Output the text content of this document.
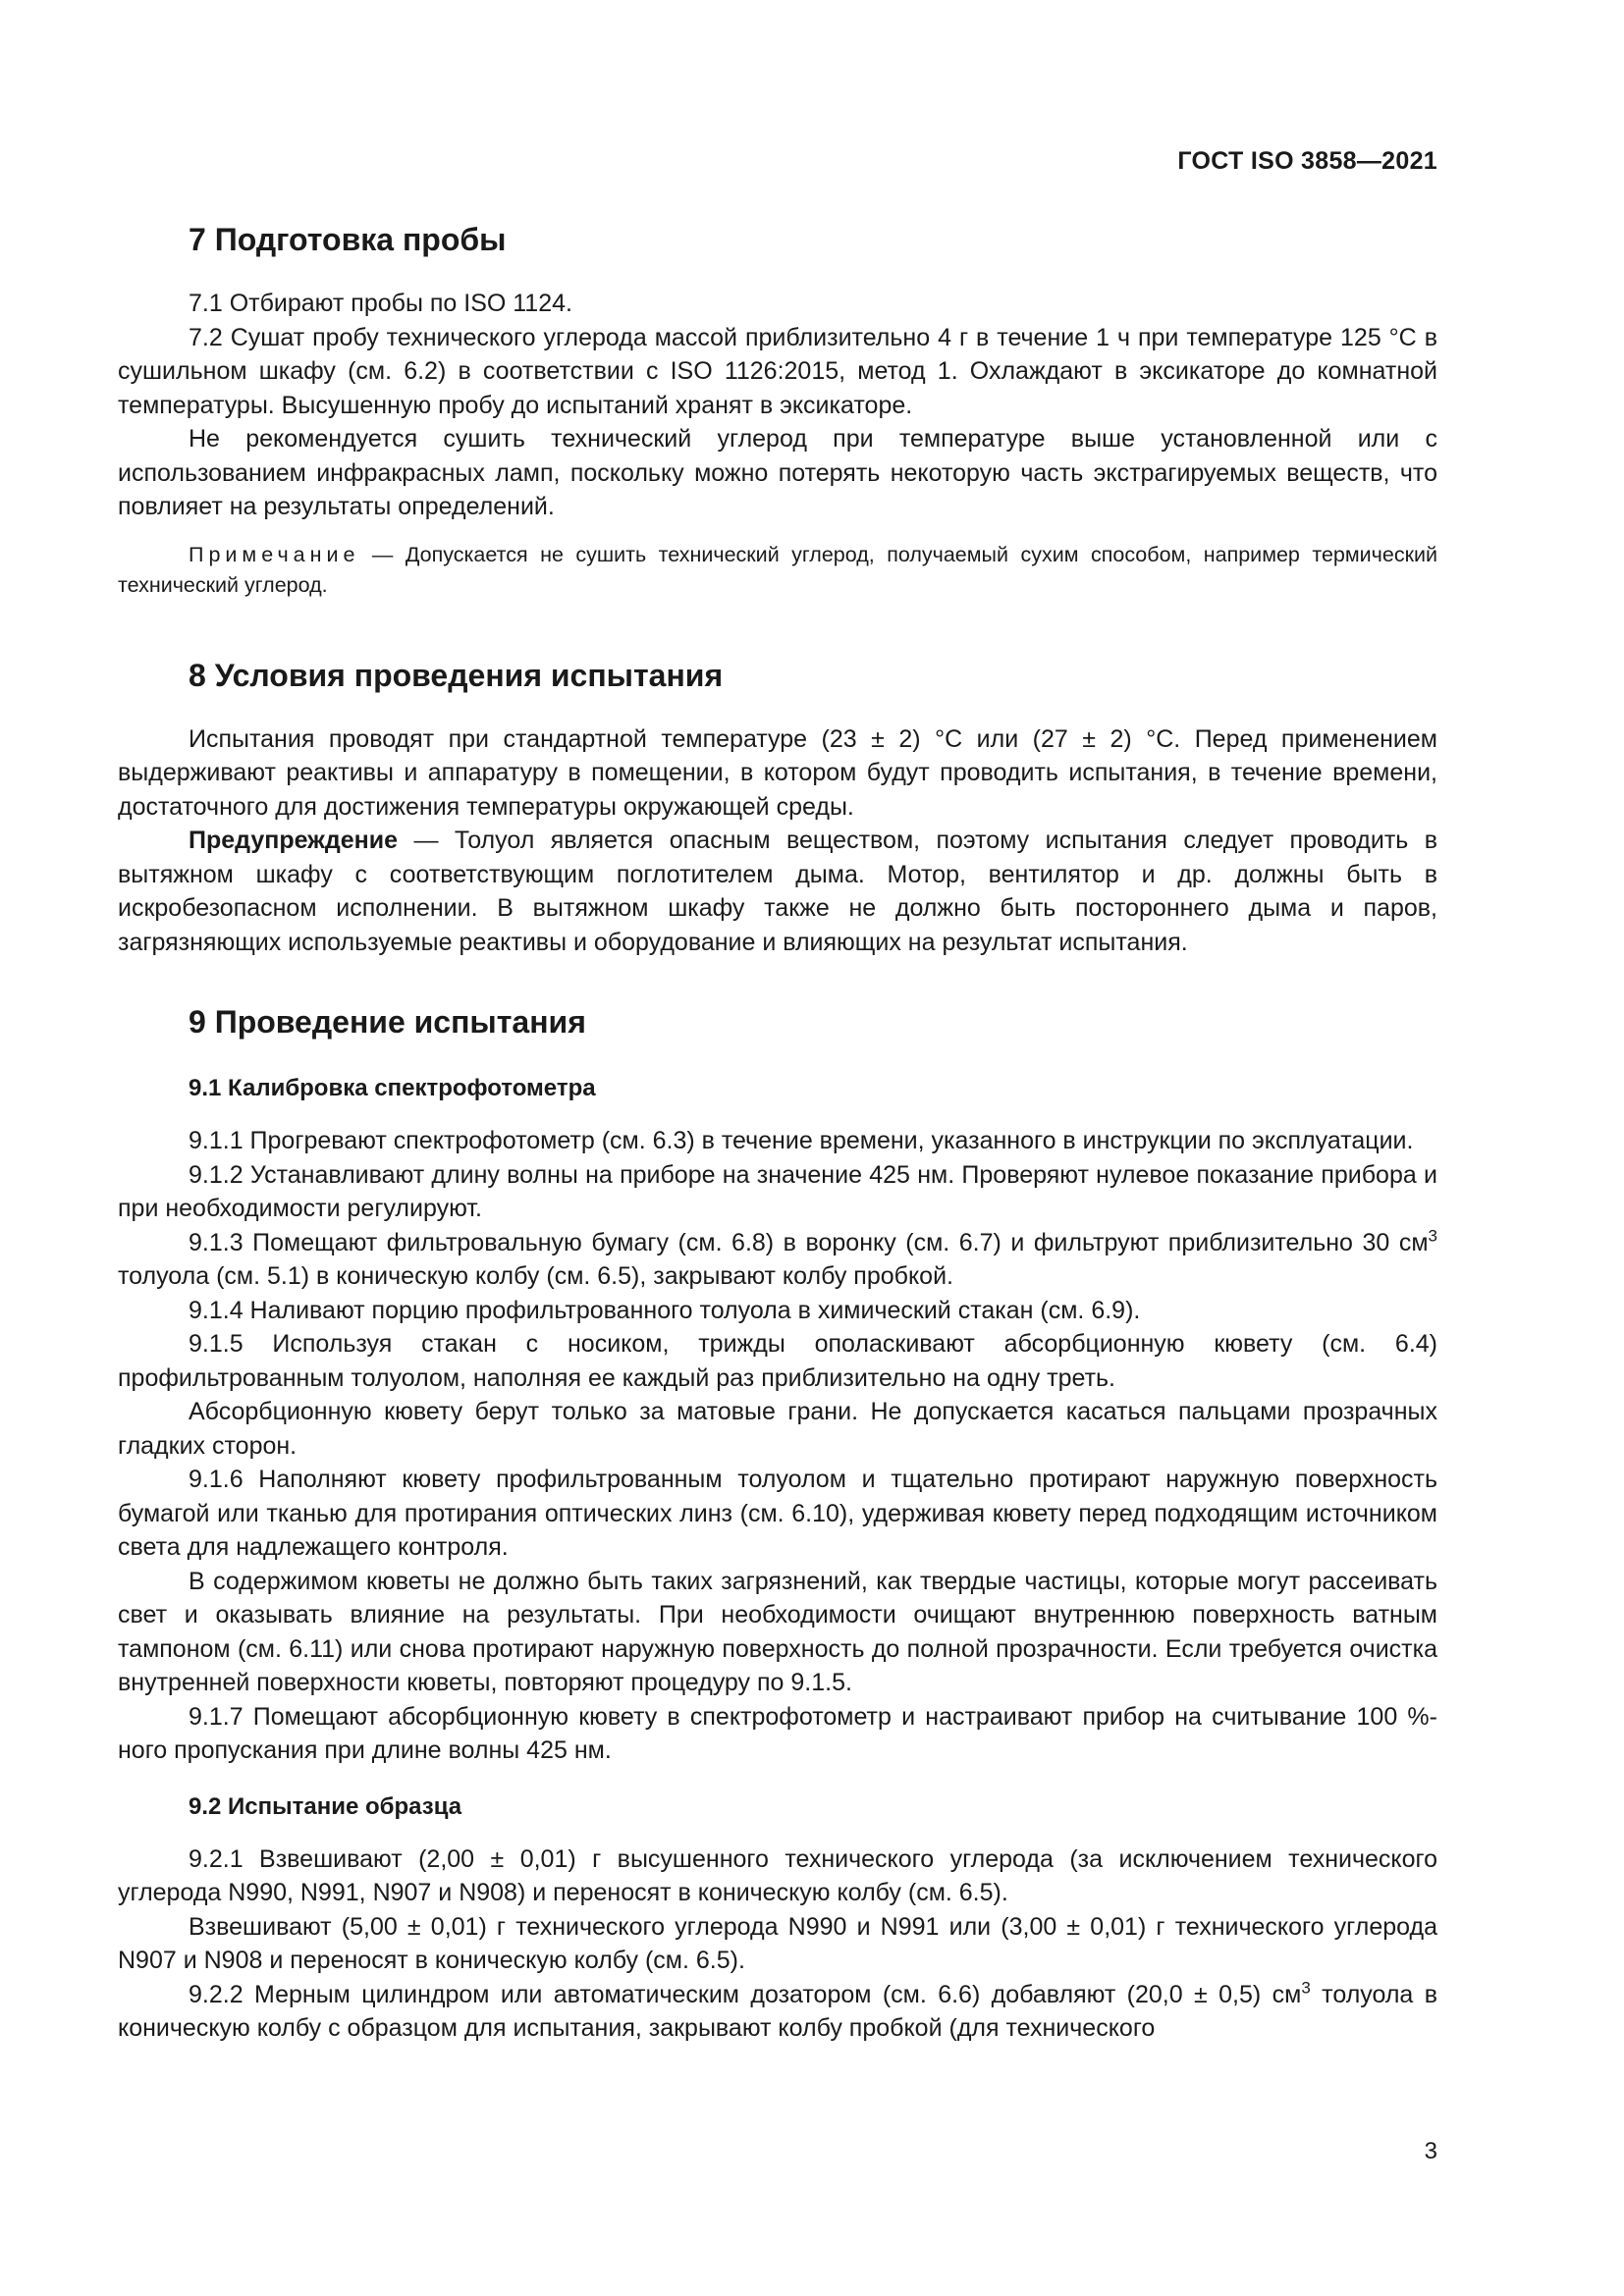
ГОСТ ISO 3858—2021
7 Подготовка пробы

7.1 Отбирают пробы по ISO 1124.

7.2 Сушат пробу технического углерода массой приблизительно 4 г в течение 1 ч при температуре 125 °С в сушильном шкафу (см. 6.2) в соответствии с ISO 1126:2015, метод 1. Охлаждают в эксикаторе до комнатной температуры. Высушенную пробу до испытаний хранят в эксикаторе.

Не рекомендуется сушить технический углерод при температуре выше установленной или с использованием инфракрасных ламп, поскольку можно потерять некоторую часть экстрагируемых веществ, что повлияет на результаты определений.

Примечание — Допускается не сушить технический углерод, получаемый сухим способом, например термический технический углерод.

8 Условия проведения испытания

Испытания проводят при стандартной температуре (23 ± 2) °С или (27 ± 2) °С. Перед применением выдерживают реактивы и аппаратуру в помещении, в котором будут проводить испытания, в течение времени, достаточного для достижения температуры окружающей среды.

Предупреждение — Толуол является опасным веществом, поэтому испытания следует проводить в вытяжном шкафу с соответствующим поглотителем дыма. Мотор, вентилятор и др. должны быть в искробезопасном исполнении. В вытяжном шкафу также не должно быть постороннего дыма и паров, загрязняющих используемые реактивы и оборудование и влияющих на результат испытания.

9 Проведение испытания
9.1 Калибровка спектрофотометра

9.1.1 Прогревают спектрофотометр (см. 6.3) в течение времени, указанного в инструкции по эксплуатации.

9.1.2 Устанавливают длину волны на приборе на значение 425 нм. Проверяют нулевое показание прибора и при необходимости регулируют.

9.1.3 Помещают фильтровальную бумагу (см. 6.8) в воронку (см. 6.7) и фильтруют приблизительно 30 $см^3$ толуола (см. 5.1) в коническую колбу (см. 6.5), закрывают колбу пробкой.

9.1.4 Наливают порцию профильтрованного толуола в химический стакан (см. 6.9).

9.1.5 Используя стакан с носиком, трижды ополаскивают абсорбционную кювету (см. 6.4) профильтрованным толуолом, наполняя ее каждый раз приблизительно на одну треть.

Абсорбционную кювету берут только за матовые грани. Не допускается касаться пальцами прозрачных гладких сторон.

9.1.6 Наполняют кювету профильтрованным толуолом и тщательно протирают наружную поверхность бумагой или тканью для протирания оптических линз (см. 6.10), удерживая кювету перед подходящим источником света для надлежащего контроля.

В содержимом кюветы не должно быть таких загрязнений, как твердые частицы, которые могут рассеивать свет и оказывать влияние на результаты. При необходимости очищают внутреннюю поверхность ватным тампоном (см. 6.11) или снова протирают наружную поверхность до полной прозрачности. Если требуется очистка внутренней поверхности кюветы, повторяют процедуру по 9.1.5.

9.1.7 Помещают абсорбционную кювету в спектрофотометр и настраивают прибор на считывание 100 %-ного пропускания при длине волны 425 нм.

9.2 Испытание образца

9.2.1 Взвешивают (2,00 ± 0,01) г высушенного технического углерода (за исключением технического углерода N990, N991, N907 и N908) и переносят в коническую колбу (см. 6.5).

Взвешивают (5,00 ± 0,01) г технического углерода N990 и N991 или (3,00 ± 0,01) г технического углерода N907 и N908 и переносят в коническую колбу (см. 6.5).

9.2.2 Мерным цилиндром или автоматическим дозатором (см. 6.6) добавляют (20,0 ± 0,5) $см^3$ толуола в коническую колбу с образцом для испытания, закрывают колбу пробкой (для технического

3
